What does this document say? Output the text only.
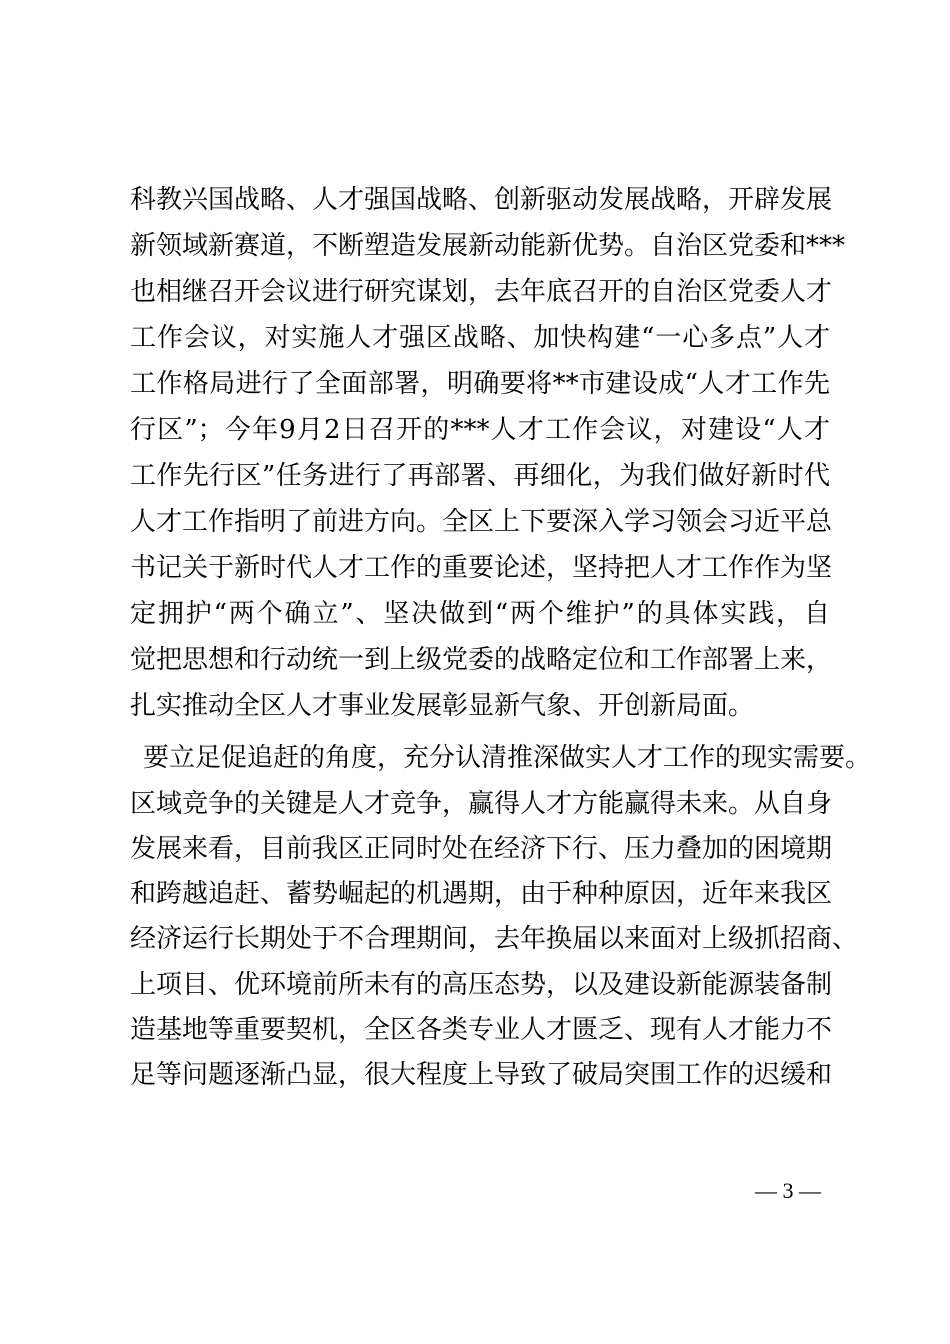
科教兴国战略、人才强国战略、创新驱动发展战略，开辟发展
新领域新赛道，不断塑造发展新动能新优势。自治区党委和***
也相继召开会议进行研究谋划，去年底召开的自治区党委人才
工作会议，对实施人才强区战略、加快构建“一心多点”人才
工作格局进行了全面部署，明确要将**市建设成“人才工作先
行区”；今年9月2日召开的***人才工作会议，对建设“人才
工作先行区”任务进行了再部署、再细化，为我们做好新时代
人才工作指明了前进方向。全区上下要深入学习领会习近平总
书记关于新时代人才工作的重要论述，坚持把人才工作作为坚
定拥护“两个确立”、坚决做到“两个维护”的具体实践，自
觉把思想和行动统一到上级党委的战略定位和工作部署上来，
扎实推动全区人才事业发展彰显新气象、开创新局面。
要立足促追赶的角度，充分认清推深做实人才工作的现实需要。
区域竞争的关键是人才竞争，赢得人才方能赢得未来。从自身
发展来看，目前我区正同时处在经济下行、压力叠加的困境期
和跨越追赶、蓄势崛起的机遇期，由于种种原因，近年来我区
经济运行长期处于不合理期间，去年换届以来面对上级抓招商、
上项目、优环境前所未有的高压态势，以及建设新能源装备制
造基地等重要契机，全区各类专业人才匮乏、现有人才能力不
足等问题逐渐凸显，很大程度上导致了破局突围工作的迟缓和
— 3 —
